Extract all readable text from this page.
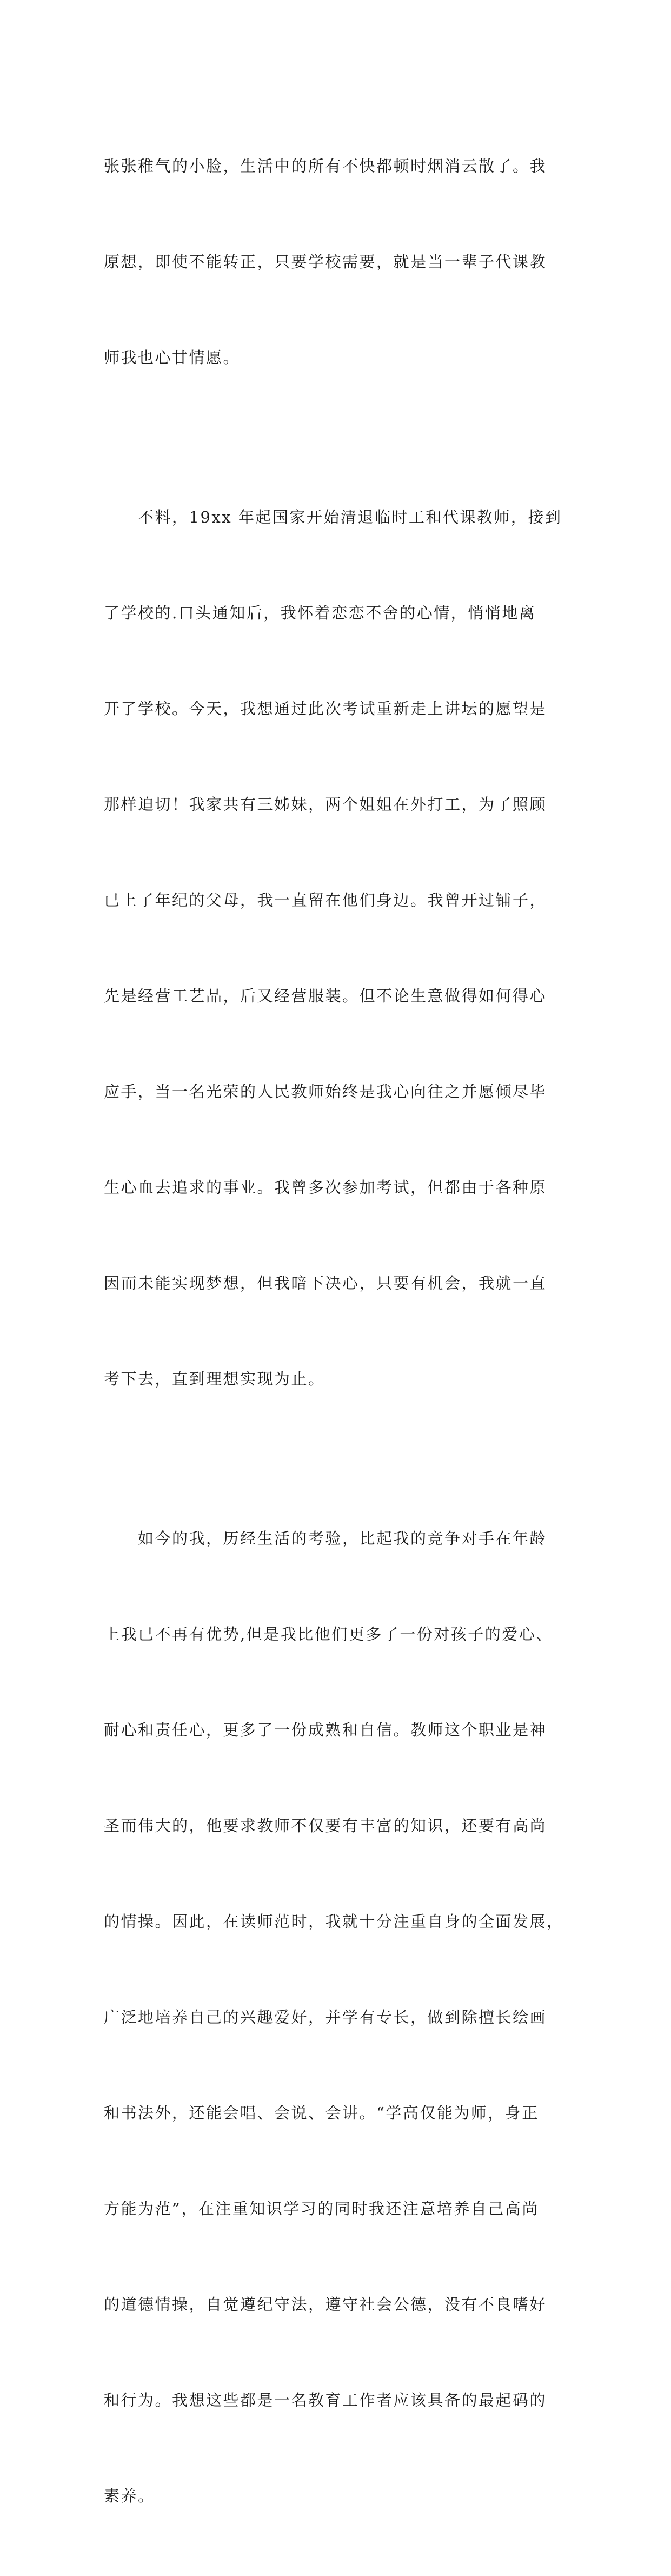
张张稚气的小脸，生活中的所有不快都顿时烟消云散了。我

原想，即使不能转正，只要学校需要，就是当一辈子代课教

师我也心甘情愿。

　　不料，19xx 年起国家开始清退临时工和代课教师，接到

了学校的.口头通知后，我怀着恋恋不舍的心情，悄悄地离

开了学校。今天，我想通过此次考试重新走上讲坛的愿望是

那样迫切！我家共有三姊妹，两个姐姐在外打工，为了照顾

已上了年纪的父母，我一直留在他们身边。我曾开过铺子，

先是经营工艺品，后又经营服装。但不论生意做得如何得心

应手，当一名光荣的人民教师始终是我心向往之并愿倾尽毕

生心血去追求的事业。我曾多次参加考试，但都由于各种原

因而未能实现梦想，但我暗下决心，只要有机会，我就一直

考下去，直到理想实现为止。

　　如今的我，历经生活的考验，比起我的竞争对手在年龄

上我已不再有优势,但是我比他们更多了一份对孩子的爱心、

耐心和责任心，更多了一份成熟和自信。教师这个职业是神

圣而伟大的，他要求教师不仅要有丰富的知识，还要有高尚

的情操。因此，在读师范时，我就十分注重自身的全面发展，

广泛地培养自己的兴趣爱好，并学有专长，做到除擅长绘画

和书法外，还能会唱、会说、会讲。“学高仅能为师，身正

方能为范”，在注重知识学习的同时我还注意培养自己高尚

的道德情操，自觉遵纪守法，遵守社会公德，没有不良嗜好

和行为。我想这些都是一名教育工作者应该具备的最起码的

素养。
